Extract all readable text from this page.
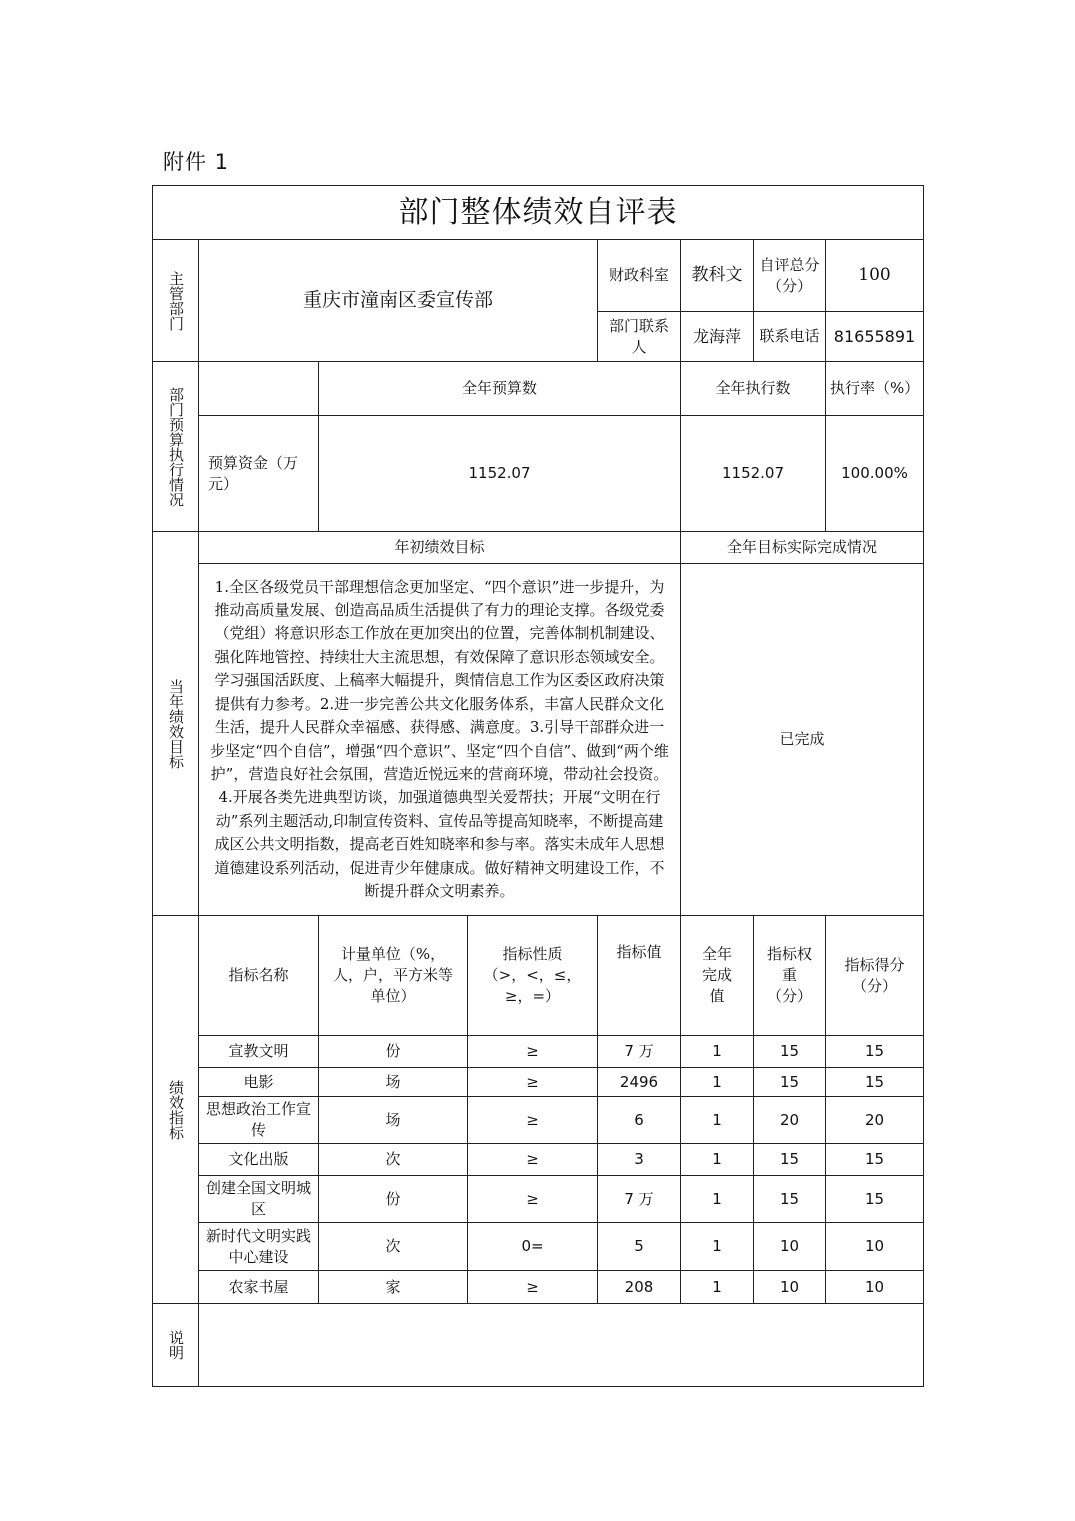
附件 1
部门整体绩效自评表							
主管部门	重庆市潼南区委宣传部			财政科室	教科文	自评总分（分）	100
				部门联系人	龙海萍	联系电话	81655891
部门预算执行情况		全年预算数			全年执行数		执行率（%）
	预算资金（万元）	1152.07			1152.07		100.00%
当年绩效目标	年初绩效目标				全年目标实际完成情况		
	1.全区各级党员干部理想信念更加坚定、“四个意识”进一步提升，为推动高质量发展、创造高品质生活提供了有力的理论支撑。各级党委（党组）将意识形态工作放在更加突出的位置，完善体制机制建设、强化阵地管控、持续壮大主流思想，有效保障了意识形态领域安全。学习强国活跃度、上稿率大幅提升，舆情信息工作为区委区政府决策提供有力参考。2.进一步完善公共文化服务体系，丰富人民群众文化生活，提升人民群众幸福感、获得感、满意度。3.引导干部群众进一步坚定“四个自信”，增强“四个意识”、坚定“四个自信”、做到“两个维护”，营造良好社会氛围，营造近悦远来的营商环境，带动社会投资。4.开展各类先进典型访谈，加强道德典型关爱帮扶；开展“文明在行动”系列主题活动,印制宣传资料、宣传品等提高知晓率，不断提高建成区公共文明指数，提高老百姓知晓率和参与率。落实未成年人思想道德建设系列活动，促进青少年健康成。做好精神文明建设工作，不断提升群众文明素养。				已完成		
绩效指标	指标名称	计量单位（%，人，户，平方米等单位）	指标性质（>，<，≤，≥，=）	指标值	全年完成值	指标权重（分）	指标得分（分）
	宣教文明	份	≥	7 万	1	15	15
	电影	场	≥	2496	1	15	15
	思想政治工作宣传	场	≥	6	1	20	20
	文化出版	次	≥	3	1	15	15
	创建全国文明城区	份	≥	7 万	1	15	15
	新时代文明实践中心建设	次	0=	5	1	10	10
	农家书屋	家	≥	208	1	10	10
说明							
